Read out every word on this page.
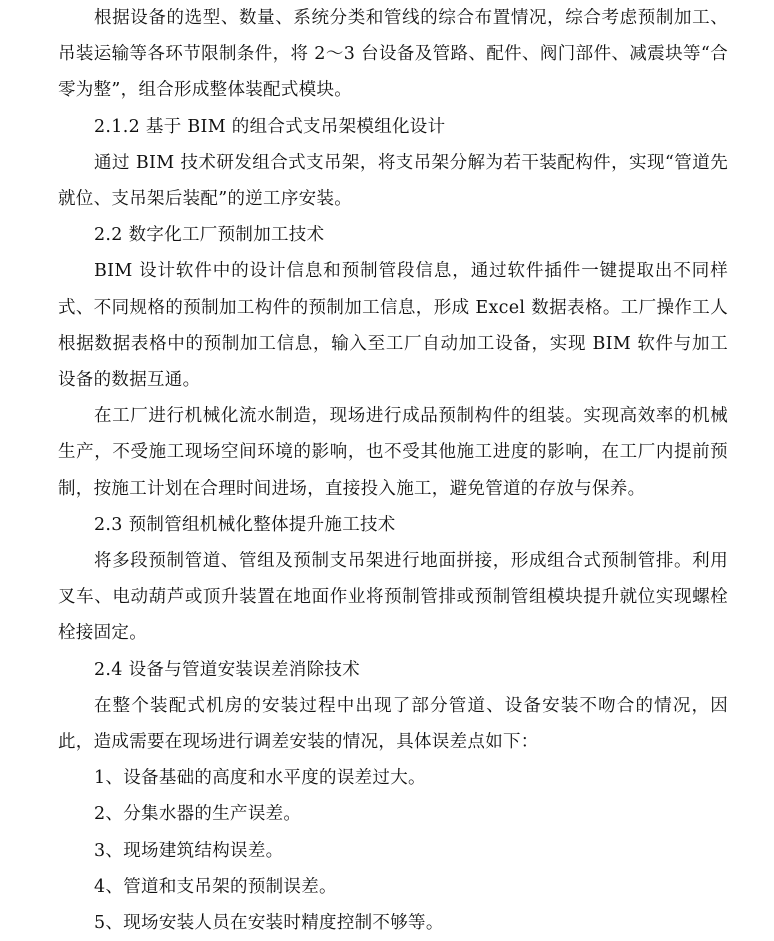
根据设备的选型、数量、系统分类和管线的综合布置情况，综合考虑预制加工、吊装运输等各环节限制条件，将 2～3 台设备及管路、配件、阀门部件、减震块等“合零为整”，组合形成整体装配式模块。

2.1.2 基于 BIM 的组合式支吊架模组化设计

通过 BIM 技术研发组合式支吊架，将支吊架分解为若干装配构件，实现“管道先就位、支吊架后装配”的逆工序安装。

2.2 数字化工厂预制加工技术

BIM 设计软件中的设计信息和预制管段信息，通过软件插件一键提取出不同样式、不同规格的预制加工构件的预制加工信息，形成 Excel 数据表格。工厂操作工人根据数据表格中的预制加工信息，输入至工厂自动加工设备，实现 BIM 软件与加工设备的数据互通。

在工厂进行机械化流水制造，现场进行成品预制构件的组装。实现高效率的机械生产，不受施工现场空间环境的影响，也不受其他施工进度的影响，在工厂内提前预制，按施工计划在合理时间进场，直接投入施工，避免管道的存放与保养。

2.3 预制管组机械化整体提升施工技术

将多段预制管道、管组及预制支吊架进行地面拼接，形成组合式预制管排。利用叉车、电动葫芦或顶升装置在地面作业将预制管排或预制管组模块提升就位实现螺栓栓接固定。

2.4 设备与管道安装误差消除技术

在整个装配式机房的安装过程中出现了部分管道、设备安装不吻合的情况，因此，造成需要在现场进行调差安装的情况，具体误差点如下：

1、设备基础的高度和水平度的误差过大。

2、分集水器的生产误差。

3、现场建筑结构误差。

4、管道和支吊架的预制误差。

5、现场安装人员在安装时精度控制不够等。
